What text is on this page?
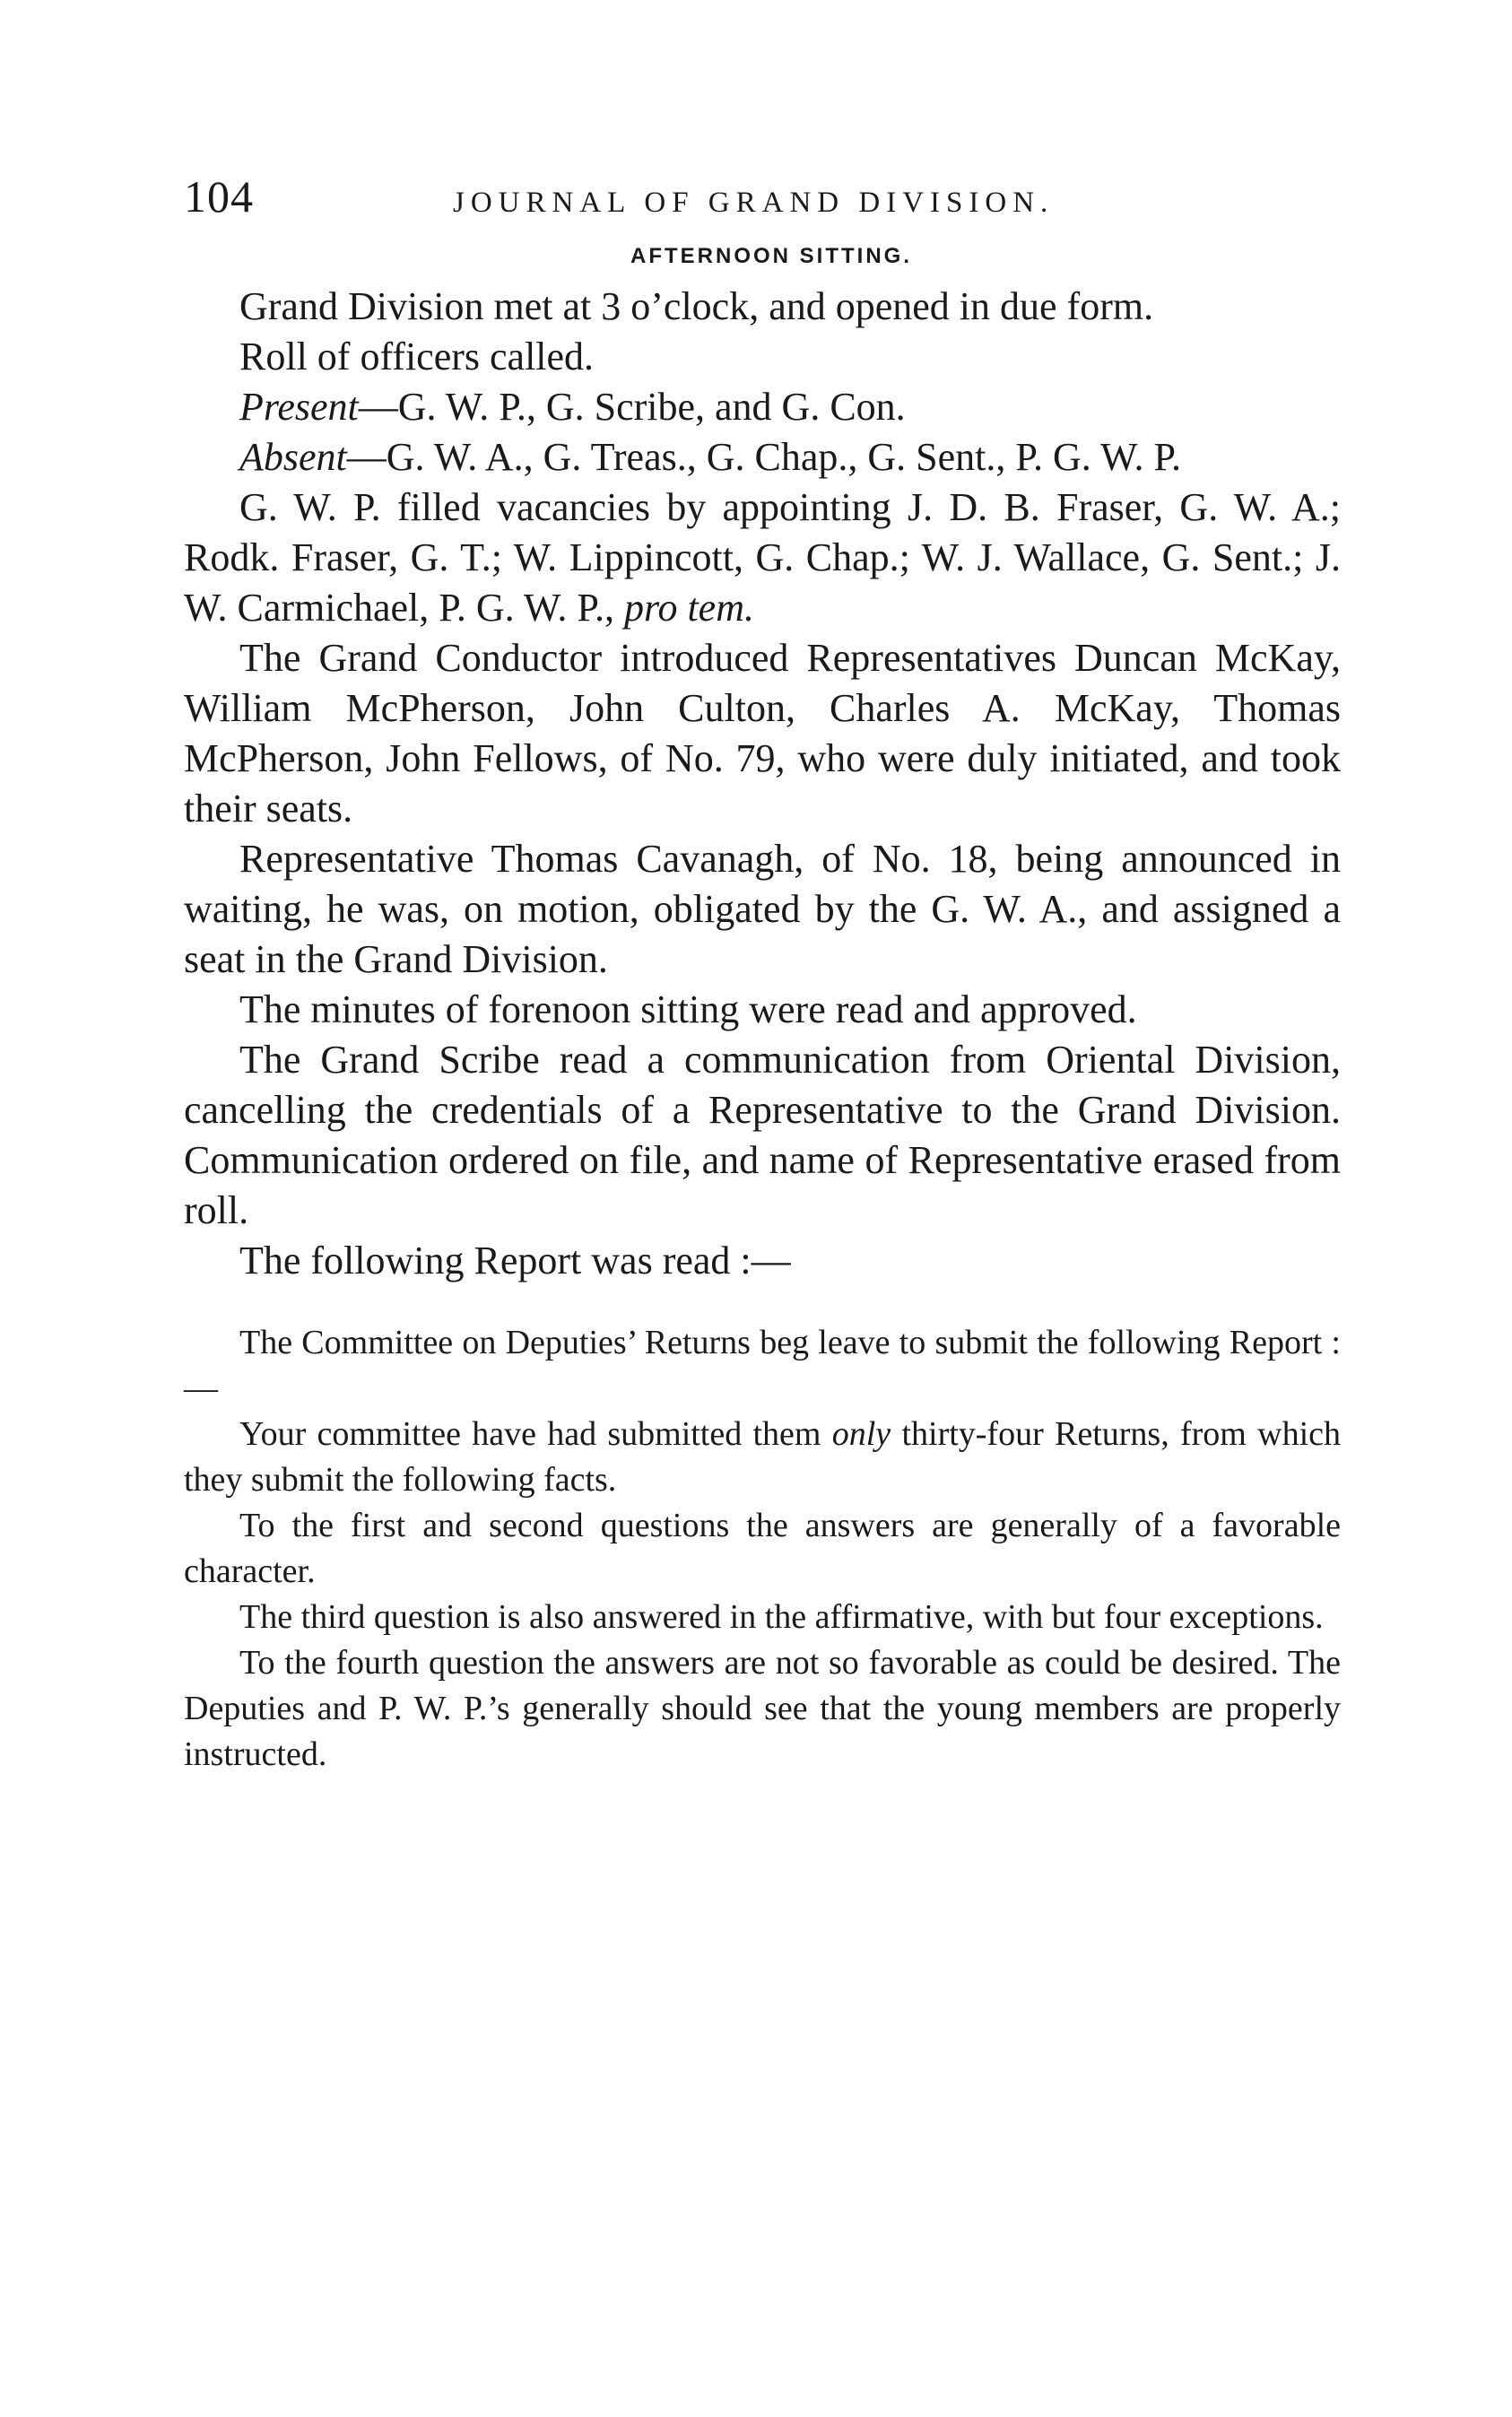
104	JOURNAL OF GRAND DIVISION.
AFTERNOON SITTING.

Grand Division met at 3 o’clock, and opened in due form.

Roll of officers called.

Present—G. W. P., G. Scribe, and G. Con.

Absent—G. W. A., G. Treas., G. Chap., G. Sent., P. G. W. P.

G. W. P. filled vacancies by appointing J. D. B. Fraser, G. W. A.; Rodk. Fraser, G. T.; W. Lippincott, G. Chap.; W. J. Wallace, G. Sent.; J. W. Carmichael, P. G. W. P., pro tem.

The Grand Conductor introduced Representatives Duncan McKay, William McPherson, John Culton, Charles A. McKay, Thomas McPherson, John Fellows, of No. 79, who were duly initiated, and took their seats.

Representative Thomas Cavanagh, of No. 18, being announced in waiting, he was, on motion, obligated by the G. W. A., and assigned a seat in the Grand Division.

The minutes of forenoon sitting were read and approved.

The Grand Scribe read a communication from Oriental Division, cancelling the credentials of a Representative to the Grand Division. Communication ordered on file, and name of Representative erased from roll.

The following Report was read :—

The Committee on Deputies’ Returns beg leave to submit the following Report :—

Your committee have had submitted them only thirty-four Returns, from which they submit the following facts.

To the first and second questions the answers are generally of a favorable character.

The third question is also answered in the affirmative, with but four exceptions.

To the fourth question the answers are not so favorable as could be desired. The Deputies and P. W. P.’s generally should see that the young members are properly instructed.
